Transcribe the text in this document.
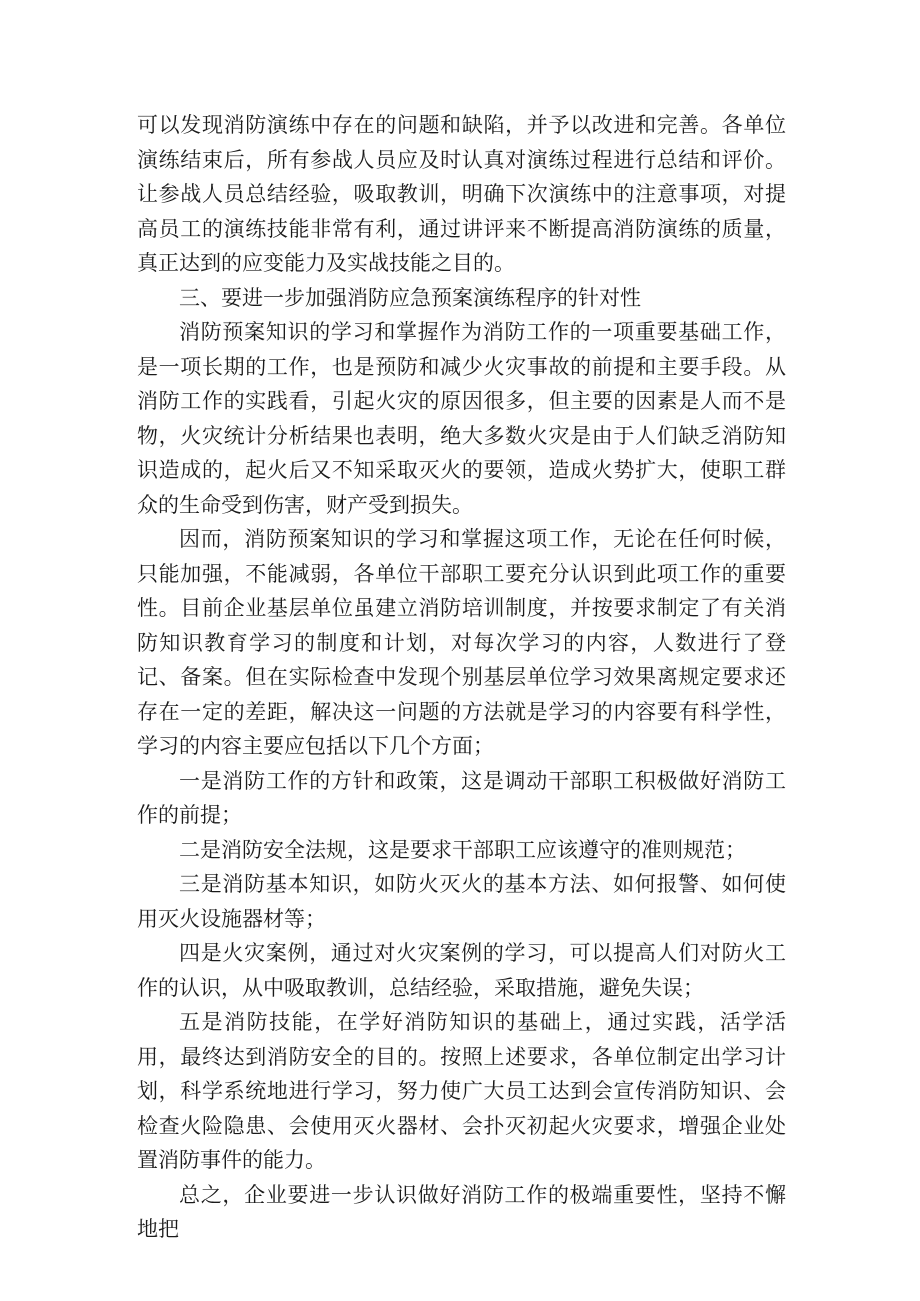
可以发现消防演练中存在的问题和缺陷，并予以改进和完善。各单位演练结束后，所有参战人员应及时认真对演练过程进行总结和评价。让参战人员总结经验，吸取教训，明确下次演练中的注意事项，对提高员工的演练技能非常有利，通过讲评来不断提高消防演练的质量，真正达到的应变能力及实战技能之目的。

三、要进一步加强消防应急预案演练程序的针对性

消防预案知识的学习和掌握作为消防工作的一项重要基础工作，是一项长期的工作，也是预防和减少火灾事故的前提和主要手段。从消防工作的实践看，引起火灾的原因很多，但主要的因素是人而不是物，火灾统计分析结果也表明，绝大多数火灾是由于人们缺乏消防知识造成的，起火后又不知采取灭火的要领，造成火势扩大，使职工群众的生命受到伤害，财产受到损失。

因而，消防预案知识的学习和掌握这项工作，无论在任何时候，只能加强，不能减弱，各单位干部职工要充分认识到此项工作的重要性。目前企业基层单位虽建立消防培训制度，并按要求制定了有关消防知识教育学习的制度和计划，对每次学习的内容，人数进行了登记、备案。但在实际检查中发现个别基层单位学习效果离规定要求还存在一定的差距，解决这一问题的方法就是学习的内容要有科学性，学习的内容主要应包括以下几个方面；

一是消防工作的方针和政策，这是调动干部职工积极做好消防工作的前提；

二是消防安全法规，这是要求干部职工应该遵守的准则规范；

三是消防基本知识，如防火灭火的基本方法、如何报警、如何使用灭火设施器材等；

四是火灾案例，通过对火灾案例的学习，可以提高人们对防火工作的认识，从中吸取教训，总结经验，采取措施，避免失误；

五是消防技能，在学好消防知识的基础上，通过实践，活学活用，最终达到消防安全的目的。按照上述要求，各单位制定出学习计划，科学系统地进行学习，努力使广大员工达到会宣传消防知识、会检查火险隐患、会使用灭火器材、会扑灭初起火灾要求，增强企业处置消防事件的能力。

总之，企业要进一步认识做好消防工作的极端重要性，坚持不懈地把
